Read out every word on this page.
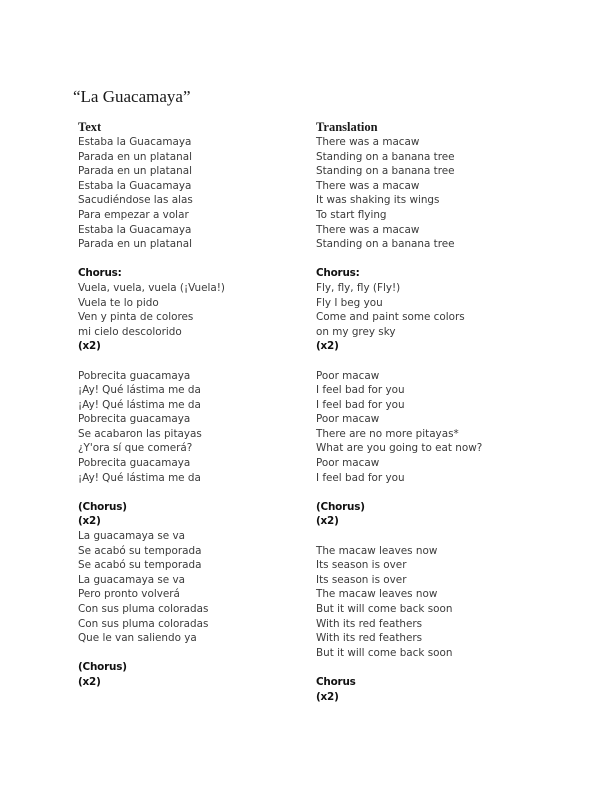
“La Guacamaya”
Text
Estaba la Guacamaya
Parada en un platanal
Parada en un platanal
Estaba la Guacamaya
Sacudiéndose las alas
Para empezar a volar
Estaba la Guacamaya
Parada en un platanal
Chorus:
Vuela, vuela, vuela (¡Vuela!)
Vuela te lo pido
Ven y pinta de colores
mi cielo descolorido
(x2)
Pobrecita guacamaya
¡Ay! Qué lástima me da
¡Ay! Qué lástima me da
Pobrecita guacamaya
Se acabaron las pitayas
¿Y'ora sí que comerá?
Pobrecita guacamaya
¡Ay! Qué lástima me da
(Chorus)
(x2)
La guacamaya se va
Se acabó su temporada
Se acabó su temporada
La guacamaya se va
Pero pronto volverá
Con sus pluma coloradas
Con sus pluma coloradas
Que le van saliendo ya
(Chorus)
(x2)
Translation
There was a macaw
Standing on a banana tree
Standing on a banana tree
There was a macaw
It was shaking its wings
To start flying
There was a macaw
Standing on a banana tree
Chorus:
Fly, fly, fly (Fly!)
Fly I beg you
Come and paint some colors
on my grey sky
(x2)
Poor macaw
I feel bad for you
I feel bad for you
Poor macaw
There are no more pitayas*
What are you going to eat now?
Poor macaw
I feel bad for you
(Chorus)
(x2)
The macaw leaves now
Its season is over
Its season is over
The macaw leaves now
But it will come back soon
With its red feathers
With its red feathers
But it will come back soon
Chorus
(x2)
